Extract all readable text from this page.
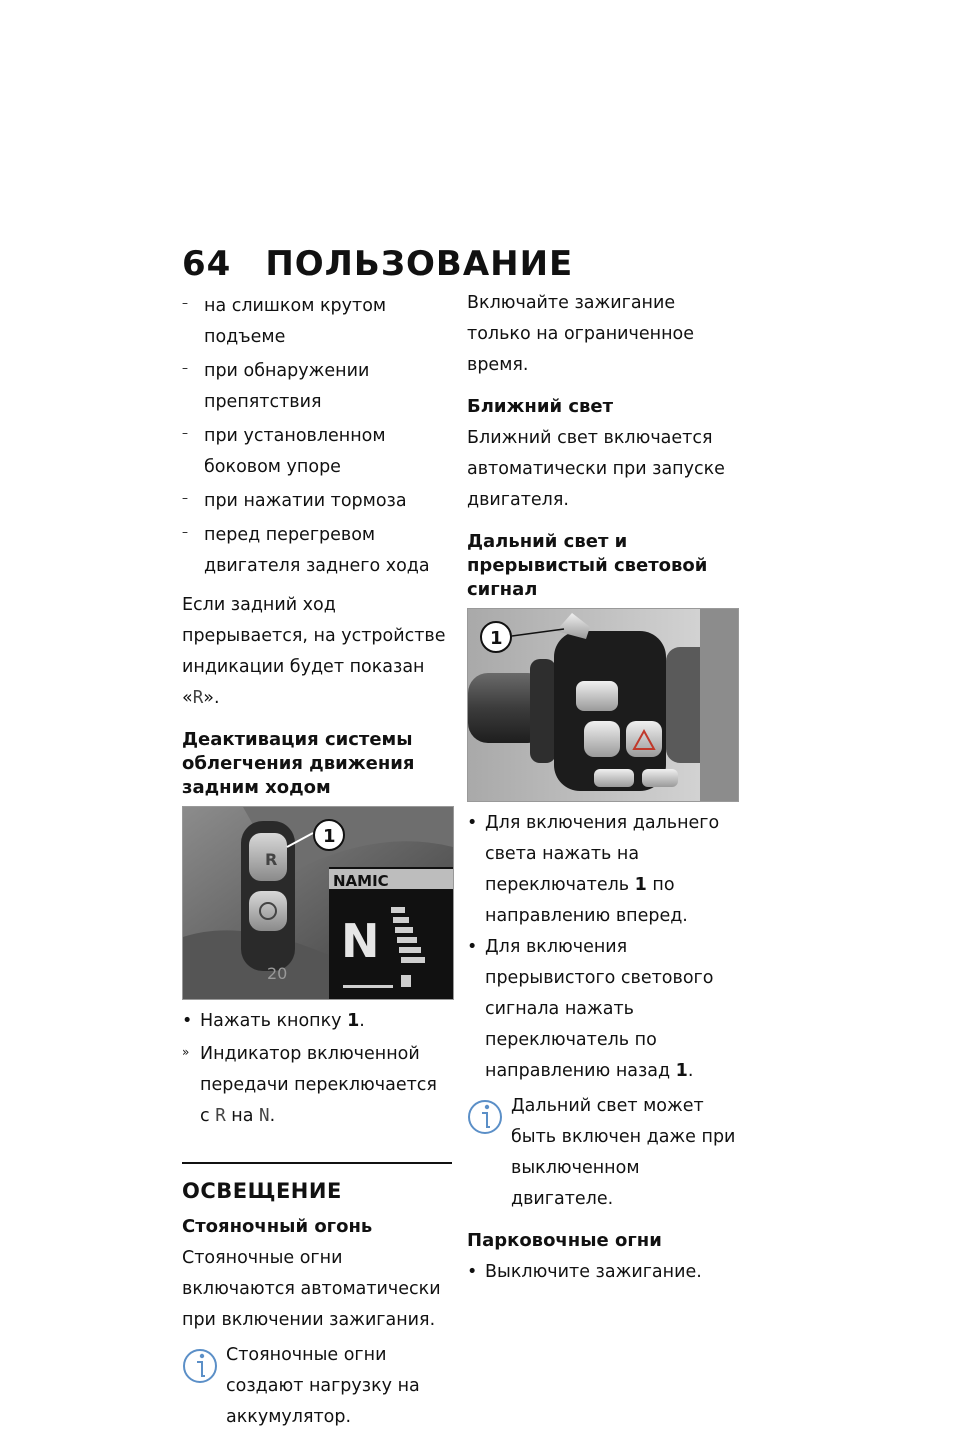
64 ПОЛЬЗОВАНИЕ
– на слишком крутом подъеме
– при обнаружении препятствия
– при установленном боковом упоре
– при нажатии тормоза
– перед перегревом двигателя заднего хода

Если задний ход прерывается, на устройстве индикации будет показан «R».

Деактивация системы облегчения движения задним ходом
R
NAMIC
N
20
1
• Нажать кнопку 1.
» Индикатор включенной передачи переключается с R на N.
ОСВЕЩЕНИЕ
Стояночный огонь

Стояночные огни включаются автоматически при включении зажигания.

Стояночные огни создают нагрузку на аккумулятор.

Включайте зажигание только на ограниченное время.

Ближний свет

Ближний свет включается автоматически при запуске двигателя.

Дальний свет и прерывистый световой сигнал
1
• Для включения дальнего света нажать на переключатель 1 по направлению вперед.
• Для включения прерывистого светового сигнала нажать переключатель по направлению назад 1.

Дальний свет может быть включен даже при выключенном двигателе.

Парковочные огни
• Выключите зажигание.
